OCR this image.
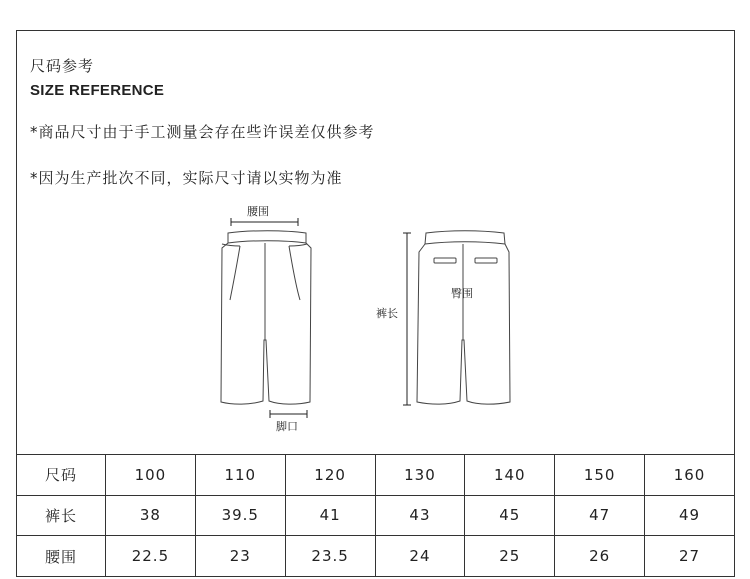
尺码参考
SIZE REFERENCE
*商品尺寸由于手工测量会存在些许误差仅供参考
*因为生产批次不同，实际尺寸请以实物为准
腰围
脚口
裤长
臀围
尺码	100	110	120	130	140	150	160
裤长	38	39.5	41	43	45	47	49
腰围	22.5	23	23.5	24	25	26	27
